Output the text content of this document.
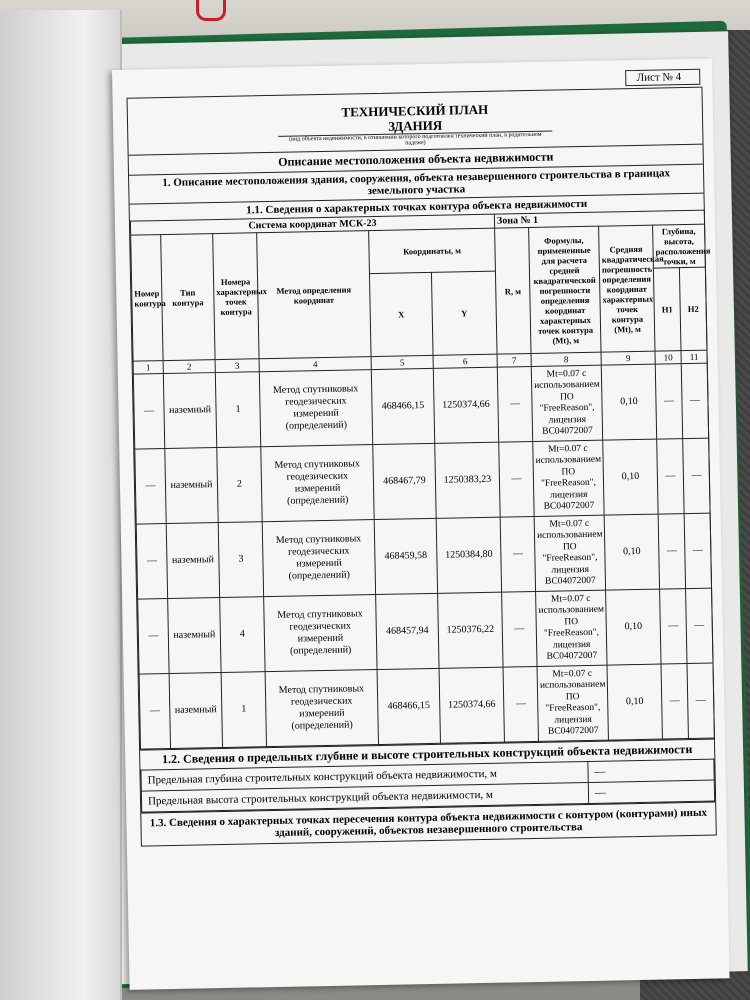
Лист № 4
ТЕХНИЧЕСКИЙ ПЛАН
ЗДАНИЯ
(вид объекта недвижимости, в отношении которого подготовлен технический план, в родительном падеже)
Описание местоположения объекта недвижимости
1. Описание местоположения здания, сооружения, объекта незавершенного строительства в границах земельного участка
1.1. Сведения о характерных точках контура объекта недвижимости
Система координат МСК-23						Зона № 1				
Номер контура	Тип контура	Номера характерных точек контура	Метод определения координат	Координаты, м		R, м	Формулы, примененные для расчета средней квадратической погрешности определения координат характерных точек контура (Mt), м	Средняя квадратическая погрешность определения координат характерных точек контура (Mt), м	Глубина, высота, расположения точки, м	
				X	Y				H1	H2
1	2	3	4	5	6	7	8	9	10	11
—	наземный	1	Метод спутниковых геодезических измерений (определений)	468466,15	1250374,66	—	Mt=0.07 с использованием ПО "FreeReason", лицензия BC04072007	0,10	—	—
—	наземный	2	Метод спутниковых геодезических измерений (определений)	468467,79	1250383,23	—	Mt=0.07 с использованием ПО "FreeReason", лицензия BC04072007	0,10	—	—
—	наземный	3	Метод спутниковых геодезических измерений (определений)	468459,58	1250384,80	—	Mt=0.07 с использованием ПО "FreeReason", лицензия BC04072007	0,10	—	—
—	наземный	4	Метод спутниковых геодезических измерений (определений)	468457,94	1250376,22	—	Mt=0.07 с использованием ПО "FreeReason", лицензия BC04072007	0,10	—	—
—	наземный	1	Метод спутниковых геодезических измерений (определений)	468466,15	1250374,66	—	Mt=0.07 с использованием ПО "FreeReason", лицензия BC04072007	0,10	—	—
1.2. Сведения о предельных глубине и высоте строительных конструкций объекта недвижимости
Предельная глубина строительных конструкций объекта недвижимости, м	—
Предельная высота строительных конструкций объекта недвижимости, м	—
1.3. Сведения о характерных точках пересечения контура объекта недвижимости с контуром (контурами) иных зданий, сооружений, объектов незавершенного строительства
